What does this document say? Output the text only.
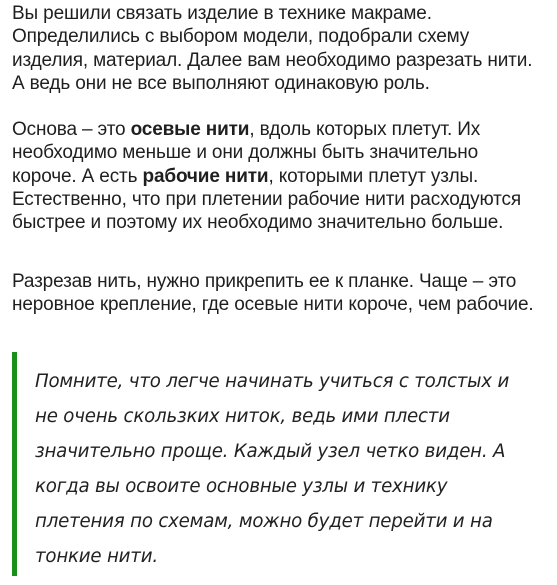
Вы решили связать изделие в технике макраме. Определились с выбором модели, подобрали схему изделия, материал. Далее вам необходимо разрезать нити. А ведь они не все выполняют одинаковую роль.

Основа – это осевые нити, вдоль которых плетут. Их необходимо меньше и они должны быть значительно короче. А есть рабочие нити, которыми плетут узлы. Естественно, что при плетении рабочие нити расходуются быстрее и поэтому их необходимо значительно больше.

Разрезав нить, нужно прикрепить ее к планке. Чаще – это неровное крепление, где осевые нити короче, чем рабочие.

Помните, что легче начинать учиться с толстых и не очень скользких ниток, ведь ими плести значительно проще. Каждый узел четко виден. А когда вы освоите основные узлы и технику плетения по схемам, можно будет перейти и на тонкие нити.
